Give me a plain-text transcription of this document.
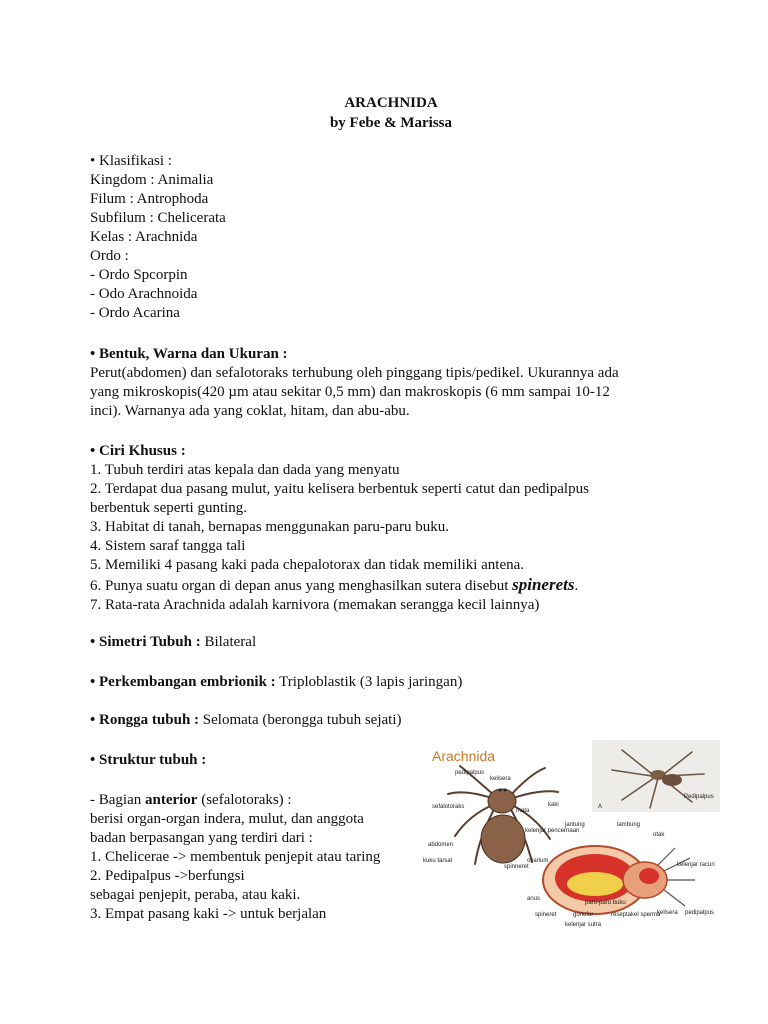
ARACHNIDA
by Febe & Marissa
• Klasifikasi :
Kingdom : Animalia
Filum : Antrophoda
Subfilum : Chelicerata
Kelas : Arachnida
Ordo :
- Ordo Spcorpin
- Odo Arachnoida
- Ordo Acarina
• Bentuk, Warna dan Ukuran :
Perut(abdomen) dan sefalotoraks terhubung oleh pinggang tipis/pedikel. Ukurannya ada
yang mikroskopis(420 µm atau sekitar 0,5 mm) dan makroskopis (6 mm sampai 10-12
inci). Warnanya ada yang coklat, hitam, dan abu-abu.
• Ciri Khusus :
1. Tubuh terdiri atas kepala dan dada yang menyatu
2. Terdapat dua pasang mulut, yaitu kelisera berbentuk seperti catut dan pedipalpus
berbentuk seperti gunting.
3. Habitat di tanah, bernapas menggunakan paru-paru buku.
4. Sistem saraf tangga tali
5. Memiliki 4 pasang kaki pada chepalotorax dan tidak memiliki antena.
6. Punya suatu organ di depan anus yang menghasilkan sutera disebut spinerets.
7. Rata-rata Arachnida adalah karnivora (memakan serangga kecil lainnya)
• Simetri Tubuh : Bilateral
• Perkembangan embrionik : Triploblastik (3 lapis jaringan)
• Rongga tubuh : Selomata (berongga tubuh sejati)
• Struktur tubuh :
- Bagian anterior (sefalotoraks) :
berisi organ-organ indera, mulut, dan anggota
badan berpasangan yang terdiri dari :
1. Chelicerae -> membentuk penjepit atau taring
2. Pedipalpus ->berfungsi
sebagai penjepit, peraba, atau kaki.
3. Empat pasang kaki -> untuk berjalan
Arachnida
pedipalpus
kelisera
sefalotoraks
mata
kaki
abdomen
kuku tarsal
spinneret
A
Pedipalpus
jantung	lambung
kelenjar pencernaan
otak
ovarium
kelenjar racun
anus
paru-paru buku
spineret	gonofor	reseptakel sperma
kelisera pedipalpus
kelenjar sutra
